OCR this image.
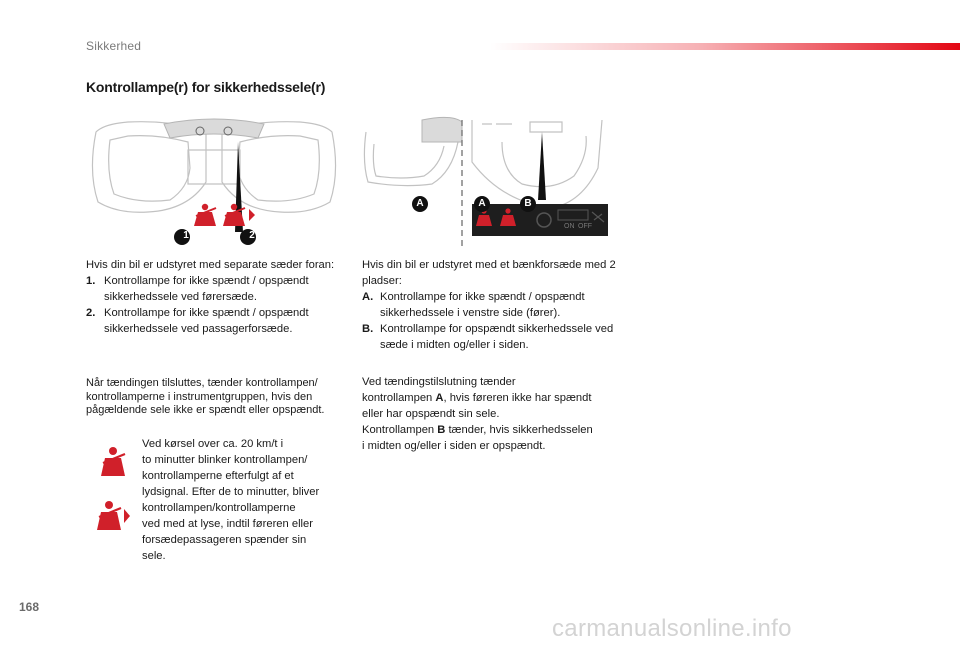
Sikkerhed
Kontrollampe(r) for sikkerhedssele(r)
1	2
A	A	B
ON OFF
Hvis din bil er udstyret med separate sæder foran:
1. Kontrollampe for ikke spændt / opspændt sikkerhedssele ved førersæde.
2. Kontrollampe for ikke spændt / opspændt sikkerhedssele ved passagerforsæde.
Når tændingen tilsluttes, tænder kontrollampen/ kontrollamperne i instrumentgruppen, hvis den pågældende sele ikke er spændt eller opspændt.
Ved kørsel over ca. 20 km/t i
to minutter blinker kontrollampen/
kontrollamperne efterfulgt af et
lydsignal. Efter de to minutter, bliver
kontrollampen/kontrollamperne
ved med at lyse, indtil føreren eller
forsædepassageren spænder sin
sele.
Hvis din bil er udstyret med et bænkforsæde med 2 pladser:
A. Kontrollampe for ikke spændt / opspændt sikkerhedssele i venstre side (fører).
B. Kontrollampe for opspændt sikkerhedssele ved sæde i midten og/eller i siden.
Ved tændingstilslutning tænder
kontrollampen A, hvis føreren ikke har spændt
eller har opspændt sin sele.
Kontrollampen B tænder, hvis sikkerhedsselen
i midten og/eller i siden er opspændt.
168
carmanualsonline.info
